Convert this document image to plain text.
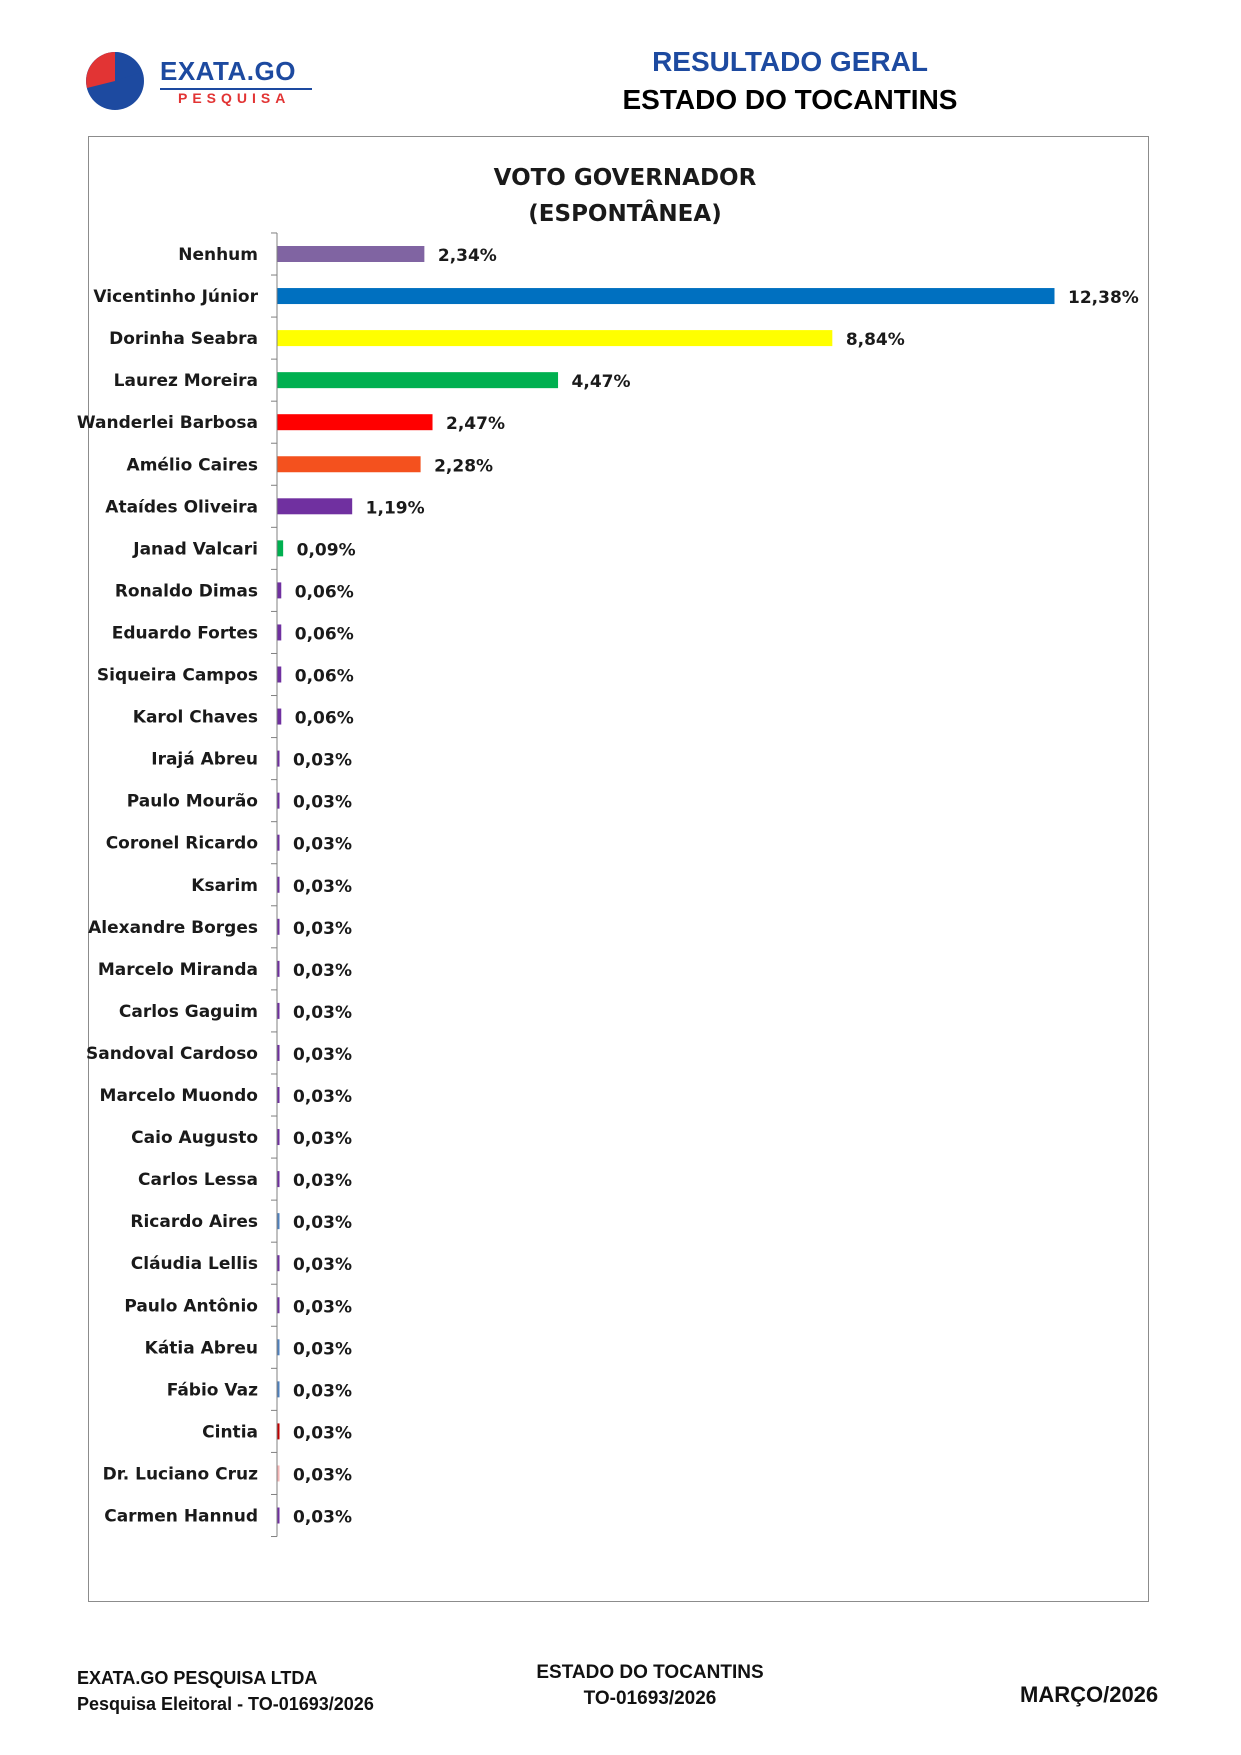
EXATA.GO
PESQUISA
RESULTADO GERAL
ESTADO DO TOCANTINS
VOTO GOVERNADOR
(ESPONTÂNEA)
Nenhum	2,34%
Vicentinho Júnior	12,38%
Dorinha Seabra	8,84%
Laurez Moreira	4,47%
Wanderlei Barbosa	2,47%
Amélio Caires	2,28%
Ataídes Oliveira	1,19%
Janad Valcari 0,09%
Ronaldo Dimas 0,06%
Eduardo Fortes 0,06%
Siqueira Campos 0,06%
Karol Chaves 0,06%
Irajá Abreu 0,03%
Paulo Mourão 0,03%
Coronel Ricardo 0,03%
Ksarim 0,03%
Alexandre Borges 0,03%
Marcelo Miranda 0,03%
Carlos Gaguim 0,03%
Sandoval Cardoso 0,03%
Marcelo Muondo 0,03%
Caio Augusto 0,03%
Carlos Lessa 0,03%
Ricardo Aires 0,03%
Cláudia Lellis 0,03%
Paulo Antônio 0,03%
Kátia Abreu 0,03%
Fábio Vaz 0,03%
Cintia 0,03%
Dr. Luciano Cruz 0,03%
Carmen Hannud 0,03%
EXATA.GO PESQUISA LTDA
Pesquisa Eleitoral - TO-01693/2026
ESTADO DO TOCANTINS
TO-01693/2026	MARÇO/2026
